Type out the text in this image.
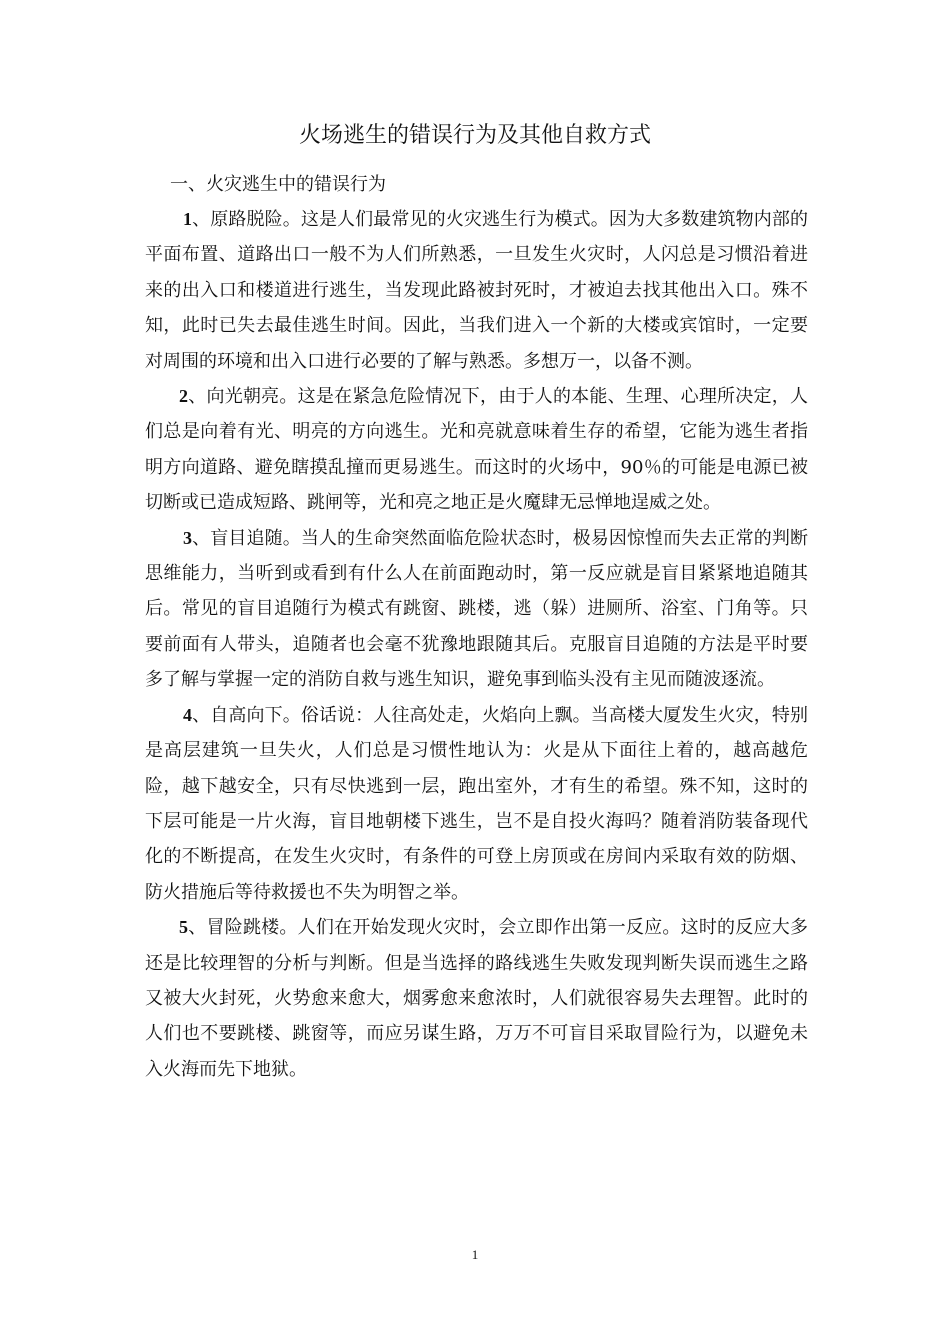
火场逃生的错误行为及其他自救方式
一、火灾逃生中的错误行为

1、原路脱险。这是人们最常见的火灾逃生行为模式。因为大多数建筑物内部的平面布置、道路出口一般不为人们所熟悉，一旦发生火灾时，人闪总是习惯沿着进来的出入口和楼道进行逃生，当发现此路被封死时，才被迫去找其他出入口。殊不知，此时已失去最佳逃生时间。因此，当我们进入一个新的大楼或宾馆时，一定要对周围的环境和出入口进行必要的了解与熟悉。多想万一，以备不测。

2、向光朝亮。这是在紧急危险情况下，由于人的本能、生理、心理所决定，人们总是向着有光、明亮的方向逃生。光和亮就意味着生存的希望，它能为逃生者指明方向道路、避免瞎摸乱撞而更易逃生。而这时的火场中，90％的可能是电源已被切断或已造成短路、跳闸等，光和亮之地正是火魔肆无忌惮地逞威之处。

3、盲目追随。当人的生命突然面临危险状态时，极易因惊惶而失去正常的判断思维能力，当听到或看到有什么人在前面跑动时，第一反应就是盲目紧紧地追随其后。常见的盲目追随行为模式有跳窗、跳楼，逃（躲）进厕所、浴室、门角等。只要前面有人带头，追随者也会毫不犹豫地跟随其后。克服盲目追随的方法是平时要多了解与掌握一定的消防自救与逃生知识，避免事到临头没有主见而随波逐流。

4、自高向下。俗话说：人往高处走，火焰向上飘。当高楼大厦发生火灾，特别是高层建筑一旦失火，人们总是习惯性地认为：火是从下面往上着的，越高越危险，越下越安全，只有尽快逃到一层，跑出室外，才有生的希望。殊不知，这时的下层可能是一片火海，盲目地朝楼下逃生，岂不是自投火海吗？随着消防装备现代化的不断提高，在发生火灾时，有条件的可登上房顶或在房间内采取有效的防烟、防火措施后等待救援也不失为明智之举。

5、冒险跳楼。人们在开始发现火灾时，会立即作出第一反应。这时的反应大多还是比较理智的分析与判断。但是当选择的路线逃生失败发现判断失误而逃生之路又被大火封死，火势愈来愈大，烟雾愈来愈浓时，人们就很容易失去理智。此时的人们也不要跳楼、跳窗等，而应另谋生路，万万不可盲目采取冒险行为，以避免未入火海而先下地狱。

1
